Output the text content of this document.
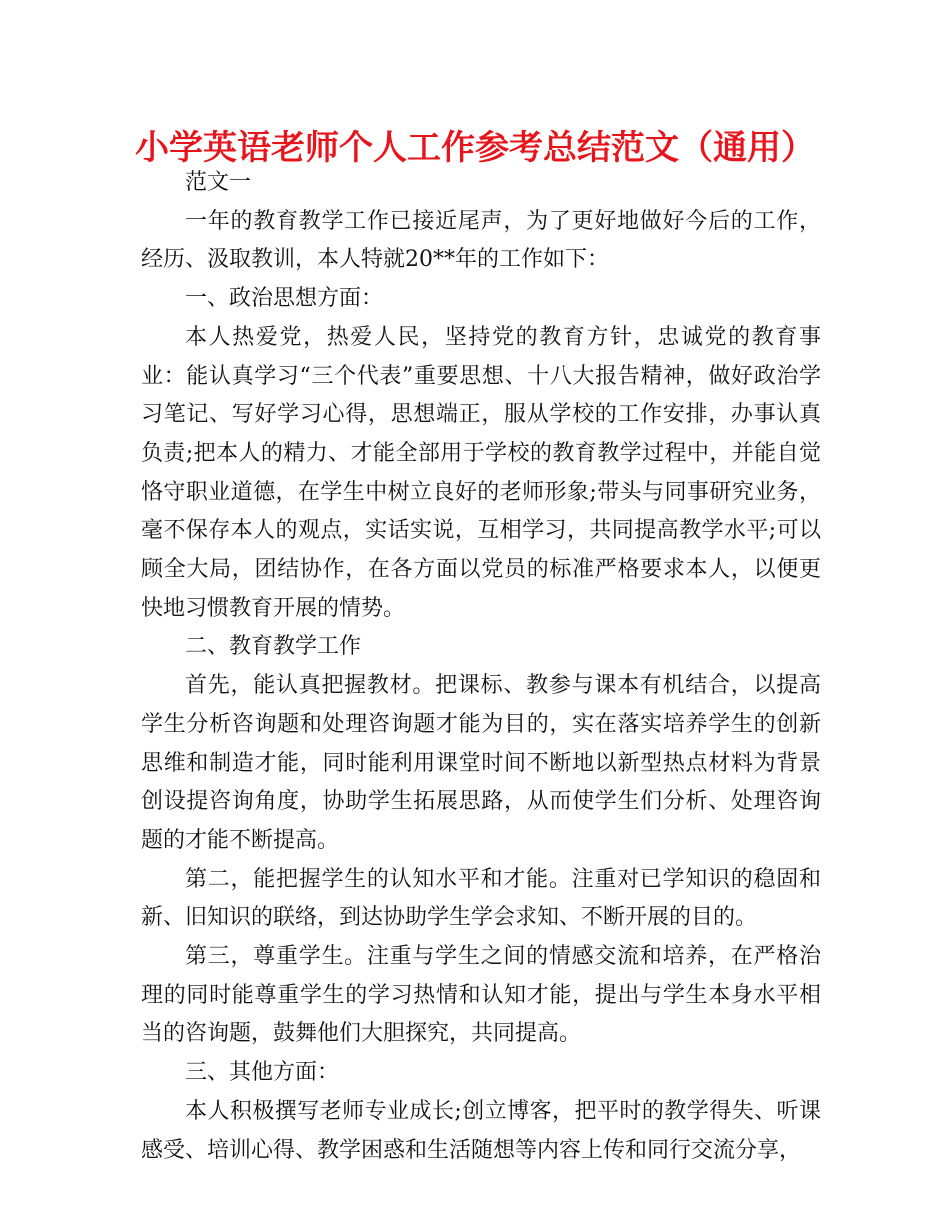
小学英语老师个人工作参考总结范文（通用）

范文一

一年的教育教学工作已接近尾声，为了更好地做好今后的工作，经历、汲取教训，本人特就20**年的工作如下：

一、政治思想方面：

本人热爱党，热爱人民，坚持党的教育方针，忠诚党的教育事业：能认真学习“三个代表”重要思想、十八大报告精神，做好政治学习笔记、写好学习心得，思想端正，服从学校的工作安排，办事认真负责;把本人的精力、才能全部用于学校的教育教学过程中，并能自觉恪守职业道德，在学生中树立良好的老师形象;带头与同事研究业务，毫不保存本人的观点，实话实说，互相学习，共同提高教学水平;可以顾全大局，团结协作，在各方面以党员的标准严格要求本人，以便更快地习惯教育开展的情势。

二、教育教学工作

首先，能认真把握教材。把课标、教参与课本有机结合，以提高学生分析咨询题和处理咨询题才能为目的，实在落实培养学生的创新思维和制造才能，同时能利用课堂时间不断地以新型热点材料为背景创设提咨询角度，协助学生拓展思路，从而使学生们分析、处理咨询题的才能不断提高。

第二，能把握学生的认知水平和才能。注重对已学知识的稳固和新、旧知识的联络，到达协助学生学会求知、不断开展的目的。

第三，尊重学生。注重与学生之间的情感交流和培养，在严格治理的同时能尊重学生的学习热情和认知才能，提出与学生本身水平相当的咨询题，鼓舞他们大胆探究，共同提高。

三、其他方面：

本人积极撰写老师专业成长;创立博客，把平时的教学得失、听课感受、培训心得、教学困惑和生活随想等内容上传和同行交流分享，
